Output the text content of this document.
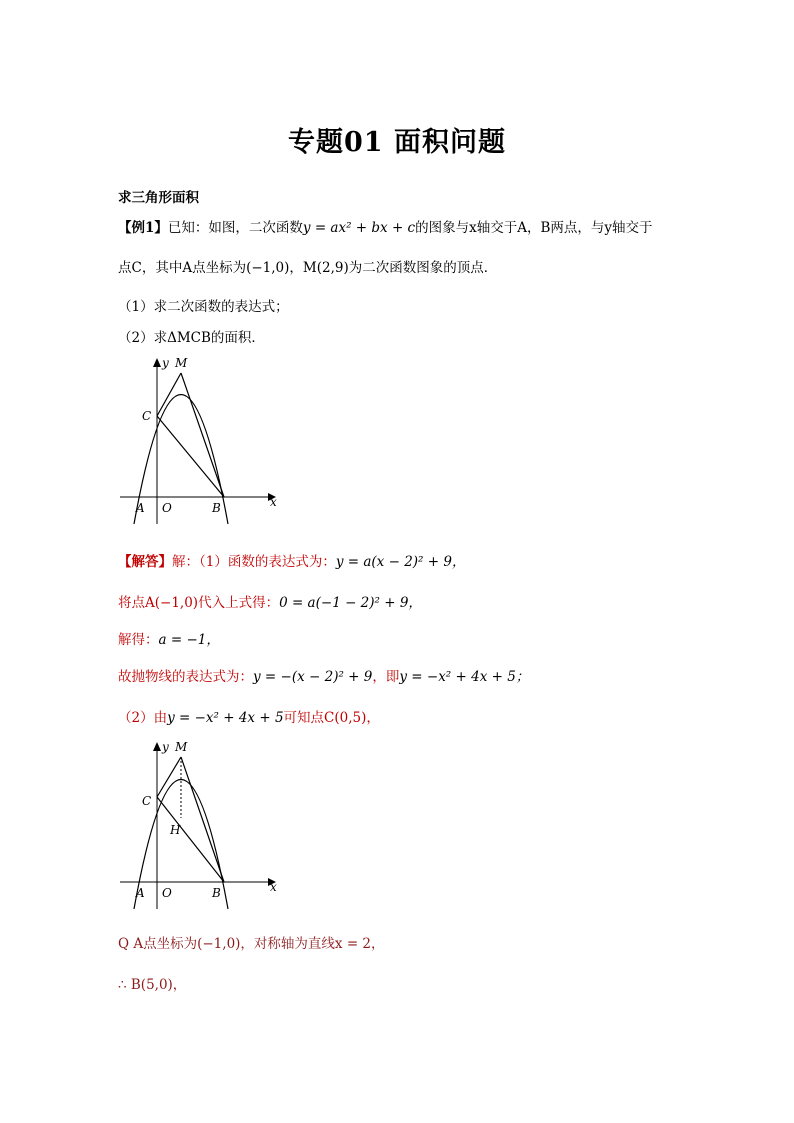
专题01 面积问题
求三角形面积
【例1】已知：如图，二次函数y = ax² + bx + c的图象与x轴交于A，B两点，与y轴交于
点C，其中A点坐标为(−1,0)，M(2,9)为二次函数图象的顶点．
（1）求二次函数的表达式；
（2）求ΔMCB的面积．
y M
C
A O	B	x
【解答】解：（1）函数的表达式为：y = a(x − 2)² + 9，
将点A(−1,0)代入上式得：0 = a(−1 − 2)² + 9，
解得：a = −1，
故抛物线的表达式为：y = −(x − 2)² + 9，即y = −x² + 4x + 5；
（2）由y = −x² + 4x + 5可知点C(0,5)，
y M
C
H
A O	B	x
Q A点坐标为(−1,0)，对称轴为直线x = 2，
∴ B(5,0)，
